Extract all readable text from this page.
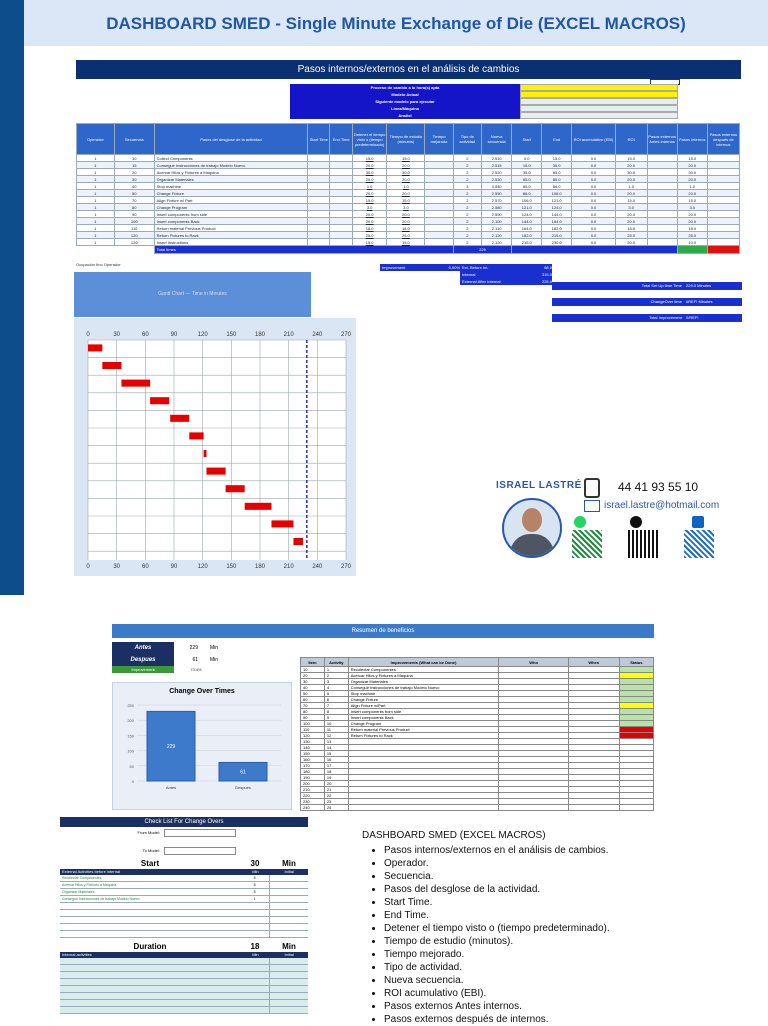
DASHBOARD SMED - Single Minute Exchange of Die (EXCEL MACROS)
Pasos internos/externos en el análisis de cambios
Proceso de cambio a lo hora(s) apta
Modelo Actual
Siguiente modelo para ejecutar
Línea/Máquina
Analist
Operador	Secuencia	Pasos del desglose de la actividad	Start Time	End Time	Detener el tiempo visto o (tiempo predeterminado)	Tiempo de estudio (minutos)	Tiempo mejorado	Tipo de actividad	Nueva secuencia	Start	End	ROI acumulativo (EBI)	ROI	Pasos externos Antes internos	Pasos internos	Pasos externos después de internos
1	10	Collect Components			15.0	15.0		2	2.510	0.0	15.0	0.0	15.0		15.0	
1	15	Conseguir Instrucciones de trabajo Modelo Nuevo			20.0	20.0		2	2.515	15.0	35.0	0.0	20.0		20.0	
1	20	Acercar Hilos y Fixtures a Maquina			30.0	30.0		2	2.520	35.0	65.0	0.0	30.0		30.0	
1	30	Organizar Materiales			20.0	20.0		2	2.530	65.0	85.0	0.0	20.0		20.0	
1	40	Stop machine			1.0	1.0		3	3.540	85.0	86.0	0.0	1.0		1.0	
1	50	Change Fixture			20.0	20.0		2	2.550	86.0	106.0	0.0	20.0		20.0	
1	70	Align Fixture w/ Part			15.0	15.0		2	2.570	106.0	121.0	0.0	15.0		15.0	
1	80	Change Program			3.0	3.0		2	2.580	121.0	124.0	0.0	3.0		3.0	
1	90	Insert components from side			20.0	20.0		2	2.590	124.0	144.0	0.0	20.0		20.0	
1	100	Insert components Back			20.0	20.0		2	2.100	144.0	164.0	0.0	20.0		20.0	
1	110	Return material Previous Product			18.0	18.0		2	2.110	164.0	182.0	0.0	18.0		18.0	
1	120	Return Fixtures to Rack			25.0	25.0		2	2.120	182.0	215.0	0.0	25.0		25.0	
1	120	Insert Instructions			15.0	15.0		2	2.120	215.0	230.0	0.0	20.0		10.0	
		Total times						229								
Ocupación fino Operador
Improvement	0.00% Ext. Before Int.	68.0
Internal	315.0
External After Internal	225.0
Total Set Up time Time	229.0 Minutes
ChangeOver time	#REF! Minutes
Total Improvement	0/REF!
Gantt Chart — Time in Minutes
0
0
30
30
60
60
90
90
120
120
150
150
180
180
210
210
240
240
270
270
ISRAEL LASTRÉ	44 41 93 55 10
israel.lastre@hotmail.com
Resumen de beneficios
Antes	229	Min
Despues	61	Min
Improvement	73.4%
Change Over Times
250
200
150
100
50
0
229
Antes
61
Despues
Item	Activity	Improvements (What can be Done)	Who	When	Status
10	1	Recolectar Componentes			
20	2	Acercar Hilos y Fixtures a Maquina			
30	3	Organizar Materiales			
40	4	Conseguir Instrucciones de trabajo Modelo Nuevo			
50	5	Stop machine			
60	6	Change Fixture			
70	7	Align Fixture w/Part			
80	8	Insert components from side			
90	9	Insert components Back			
100	10	Change Program			
110	11	Return material Previous Product			
120	12	Return Fixtures to Rack			
130	13				
140	14				
150	15				
160	16				
170	17				
180	18				
190	19				
200	20				
210	21				
220	22				
230	23				
240	24				
Check List For Change Overs
From Model:
To Model:
Start	30	Min
External Activities before internal	Min	Initial
Recolectar Componentes	5
Acercar Hilos y Fixtures a Maquina	5
Organizar Materiales	5
Conseguir Instrucciones de trabajo Modelo Nuevo	1
Duration	18	Min
Internal activities	Min	Initial
DASHBOARD SMED (EXCEL MACROS)
• Pasos internos/externos en el análisis de cambios.
• Operador.
• Secuencia.
• Pasos del desglose de la actividad.
• Start Time.
• End Time.
• Detener el tiempo visto o (tiempo predeterminado).
• Tiempo de estudio (minutos).
• Tiempo mejorado.
• Tipo de actividad.
• Nueva secuencia.
• ROI acumulativo (EBI).
• Pasos externos Antes internos.
• Pasos externos después de internos.
